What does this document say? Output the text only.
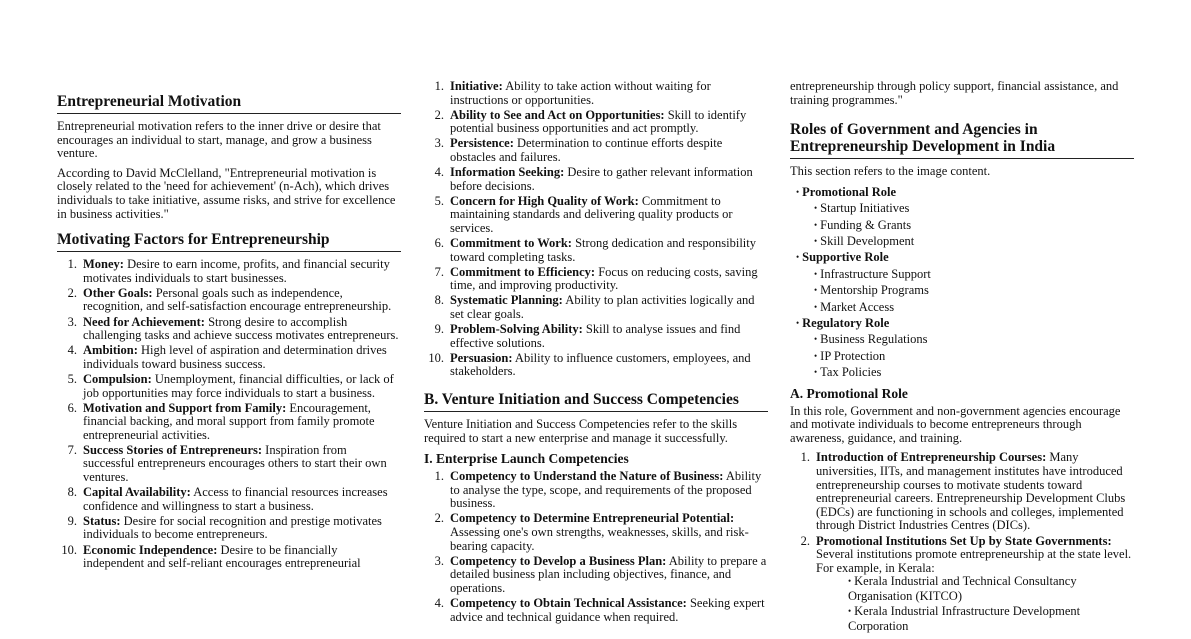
Entrepreneurial Motivation

Entrepreneurial motivation refers to the inner drive or desire that encourages an individual to start, manage, and grow a business venture.

According to David McClelland, "Entrepreneurial motivation is closely related to the 'need for achievement' (n-Ach), which drives individuals to take initiative, assume risks, and strive for excellence in business activities."

Motivating Factors for Entrepreneurship
1. Money: Desire to earn income, profits, and financial security motivates individuals to start businesses.
2. Other Goals: Personal goals such as independence, recognition, and self-satisfaction encourage entrepreneurship.
3. Need for Achievement: Strong desire to accomplish challenging tasks and achieve success motivates entrepreneurs.
4. Ambition: High level of aspiration and determination drives individuals toward business success.
5. Compulsion: Unemployment, financial difficulties, or lack of job opportunities may force individuals to start a business.
6. Motivation and Support from Family: Encouragement, financial backing, and moral support from family promote entrepreneurial activities.
7. Success Stories of Entrepreneurs: Inspiration from successful entrepreneurs encourages others to start their own ventures.
8. Capital Availability: Access to financial resources increases confidence and willingness to start a business.
9. Status: Desire for social recognition and prestige motivates individuals to become entrepreneurs.
10. Economic Independence: Desire to be financially independent and self-reliant encourages entrepreneurial
1. Initiative: Ability to take action without waiting for instructions or opportunities.
2. Ability to See and Act on Opportunities: Skill to identify potential business opportunities and act promptly.
3. Persistence: Determination to continue efforts despite obstacles and failures.
4. Information Seeking: Desire to gather relevant information before decisions.
5. Concern for High Quality of Work: Commitment to maintaining standards and delivering quality products or services.
6. Commitment to Work: Strong dedication and responsibility toward completing tasks.
7. Commitment to Efficiency: Focus on reducing costs, saving time, and improving productivity.
8. Systematic Planning: Ability to plan activities logically and set clear goals.
9. Problem-Solving Ability: Skill to analyse issues and find effective solutions.
10. Persuasion: Ability to influence customers, employees, and stakeholders.
B. Venture Initiation and Success Competencies

Venture Initiation and Success Competencies refer to the skills required to start a new enterprise and manage it successfully.

I. Enterprise Launch Competencies
1. Competency to Understand the Nature of Business: Ability to analyse the type, scope, and requirements of the proposed business.
2. Competency to Determine Entrepreneurial Potential: Assessing one's own strengths, weaknesses, skills, and risk-bearing capacity.
3. Competency to Develop a Business Plan: Ability to prepare a detailed business plan including objectives, finance, and operations.
4. Competency to Obtain Technical Assistance: Seeking expert advice and technical guidance when required.

entrepreneurship through policy support, financial assistance, and training programmes."

Roles of Government and Agencies in Entrepreneurship Development in India

This section refers to the image content.

• Promotional Role
• Startup Initiatives
• Funding & Grants
• Skill Development
• Supportive Role
• Infrastructure Support
• Mentorship Programs
• Market Access
• Regulatory Role
• Business Regulations
• IP Protection
• Tax Policies
A. Promotional Role

In this role, Government and non-government agencies encourage and motivate individuals to become entrepreneurs through awareness, guidance, and training.

1. Introduction of Entrepreneurship Courses: Many universities, IITs, and management institutes have introduced entrepreneurship courses to motivate students toward entrepreneurial careers. Entrepreneurship Development Clubs (EDCs) are functioning in schools and colleges, implemented through District Industries Centres (DICs).
2. Promotional Institutions Set Up by State Governments: Several institutions promote entrepreneurship at the state level. For example, in Kerala:
• Kerala Industrial and Technical Consultancy Organisation (KITCO)
• Kerala Industrial Infrastructure Development Corporation
